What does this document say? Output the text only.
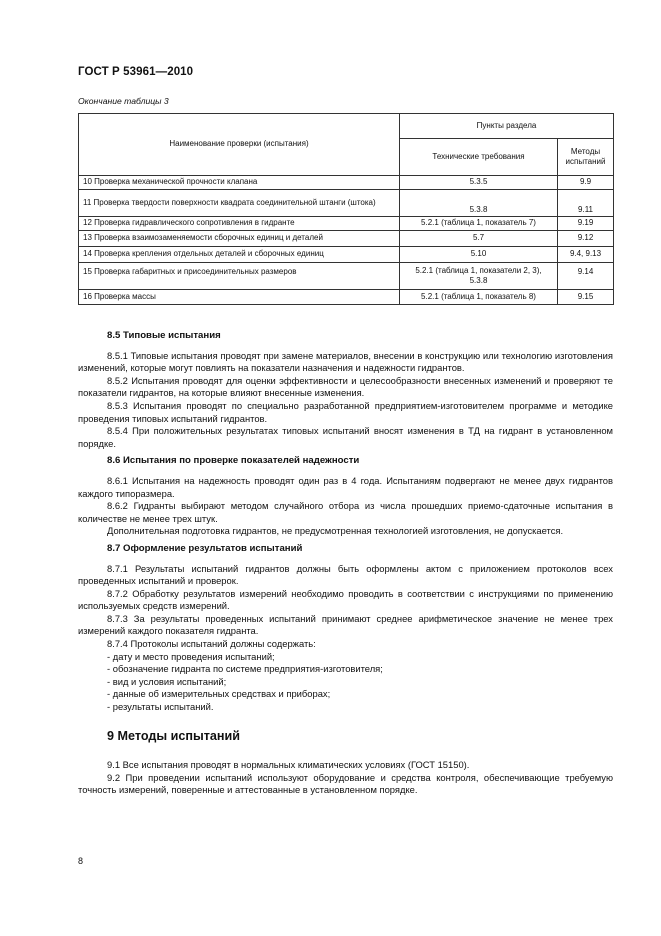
ГОСТ Р 53961—2010
Окончание таблицы 3
Наименование проверки (испытания)	Пункты раздела	
	Технические требования	Методы
испытаний
10 Проверка механической прочности клапана	5.3.5	9.9
11 Проверка твердости поверхности квадрата соединительной штанги (штока)	5.3.8	9.11
12 Проверка гидравлического сопротивления в гидранте	5.2.1 (таблица 1, показатель 7)	9.19
13 Проверка взаимозаменяемости сборочных единиц и деталей	5.7	9.12
14 Проверка крепления отдельных деталей и сборочных единиц	5.10	9.4, 9.13
15 Проверка габаритных и присоединительных размеров	5.2.1 (таблица 1, показатели 2, 3),
5.3.8	9.14
16 Проверка массы	5.2.1 (таблица 1, показатель 8)	9.15
8.5 Типовые испытания

8.5.1 Типовые испытания проводят при замене материалов, внесении в конструкцию или технологию изготовления изменений, которые могут повлиять на показатели назначения и надежности гидрантов.

8.5.2 Испытания проводят для оценки эффективности и целесообразности внесенных изменений и проверяют те показатели гидрантов, на которые влияют внесенные изменения.

8.5.3 Испытания проводят по специально разработанной предприятием-изготовителем программе и методике проведения типовых испытаний гидрантов.

8.5.4 При положительных результатах типовых испытаний вносят изменения в ТД на гидрант в установленном порядке.

8.6 Испытания по проверке показателей надежности

8.6.1 Испытания на надежность проводят один раз в 4 года. Испытаниям подвергают не менее двух гидрантов каждого типоразмера.

8.6.2 Гидранты выбирают методом случайного отбора из числа прошедших приемо-сдаточные испытания в количестве не менее трех штук.

Дополнительная подготовка гидрантов, не предусмотренная технологией изготовления, не допускается.

8.7 Оформление результатов испытаний

8.7.1 Результаты испытаний гидрантов должны быть оформлены актом с приложением протоколов всех проведенных испытаний и проверок.

8.7.2 Обработку результатов измерений необходимо проводить в соответствии с инструкциями по применению используемых средств измерений.

8.7.3 За результаты проведенных испытаний принимают среднее арифметическое значение не менее трех измерений каждого показателя гидранта.

8.7.4 Протоколы испытаний должны содержать:

- дату и место проведения испытаний;

- обозначение гидранта по системе предприятия-изготовителя;

- вид и условия испытаний;

- данные об измерительных средствах и приборах;

- результаты испытаний.

9 Методы испытаний

9.1 Все испытания проводят в нормальных климатических условиях (ГОСТ 15150).

9.2 При проведении испытаний используют оборудование и средства контроля, обеспечивающие требуемую точность измерений, поверенные и аттестованные в установленном порядке.

8
